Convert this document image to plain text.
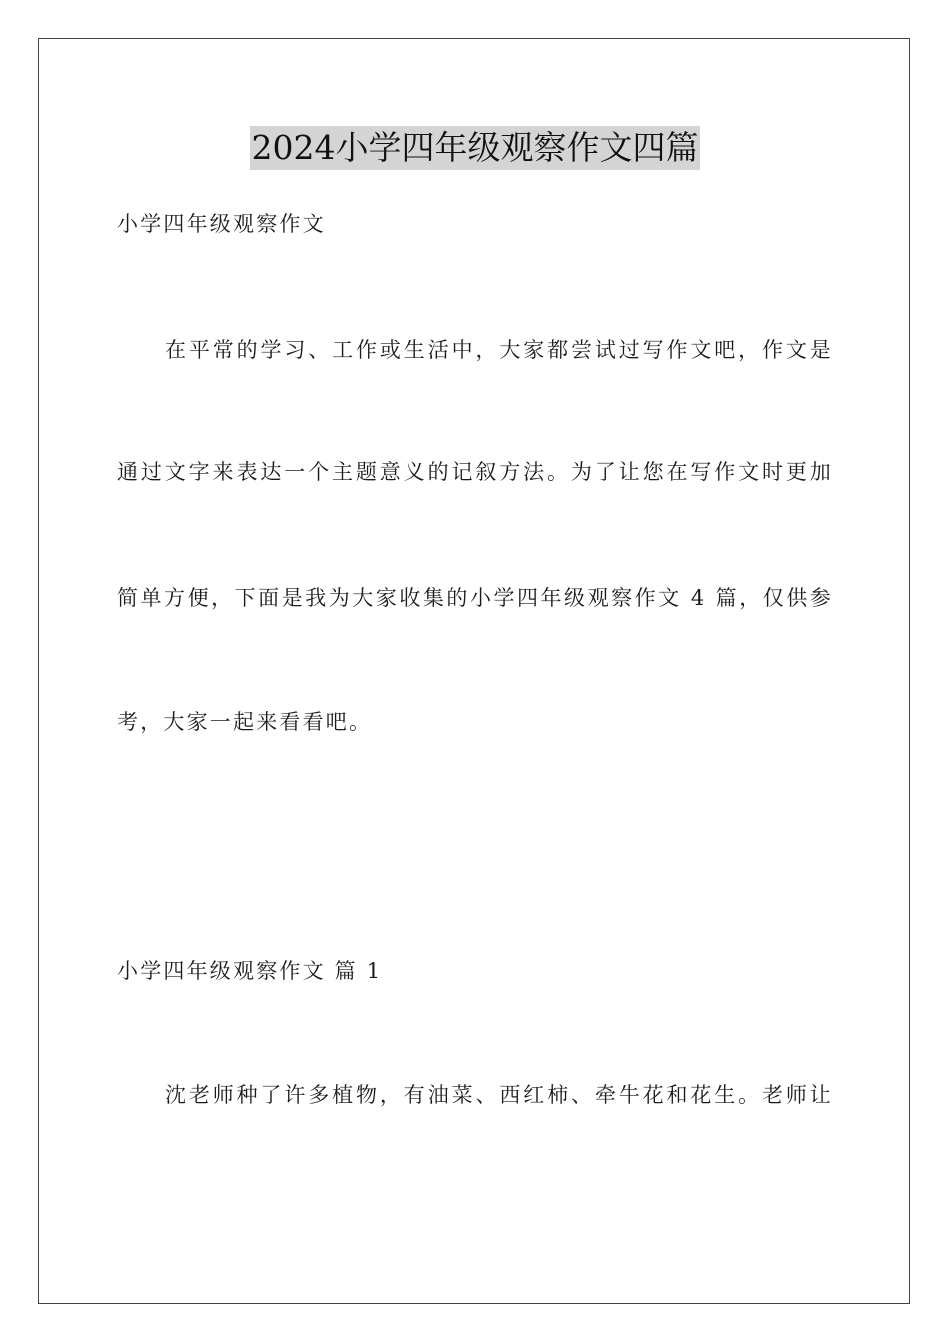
2024小学四年级观察作文四篇
小学四年级观察作文
在平常的学习、工作或生活中，大家都尝试过写作文吧，作文是
通过文字来表达一个主题意义的记叙方法。为了让您在写作文时更加
简单方便，下面是我为大家收集的小学四年级观察作文 4 篇，仅供参
考，大家一起来看看吧。
小学四年级观察作文 篇 1
沈老师种了许多植物，有油菜、西红柿、牵牛花和花生。老师让
